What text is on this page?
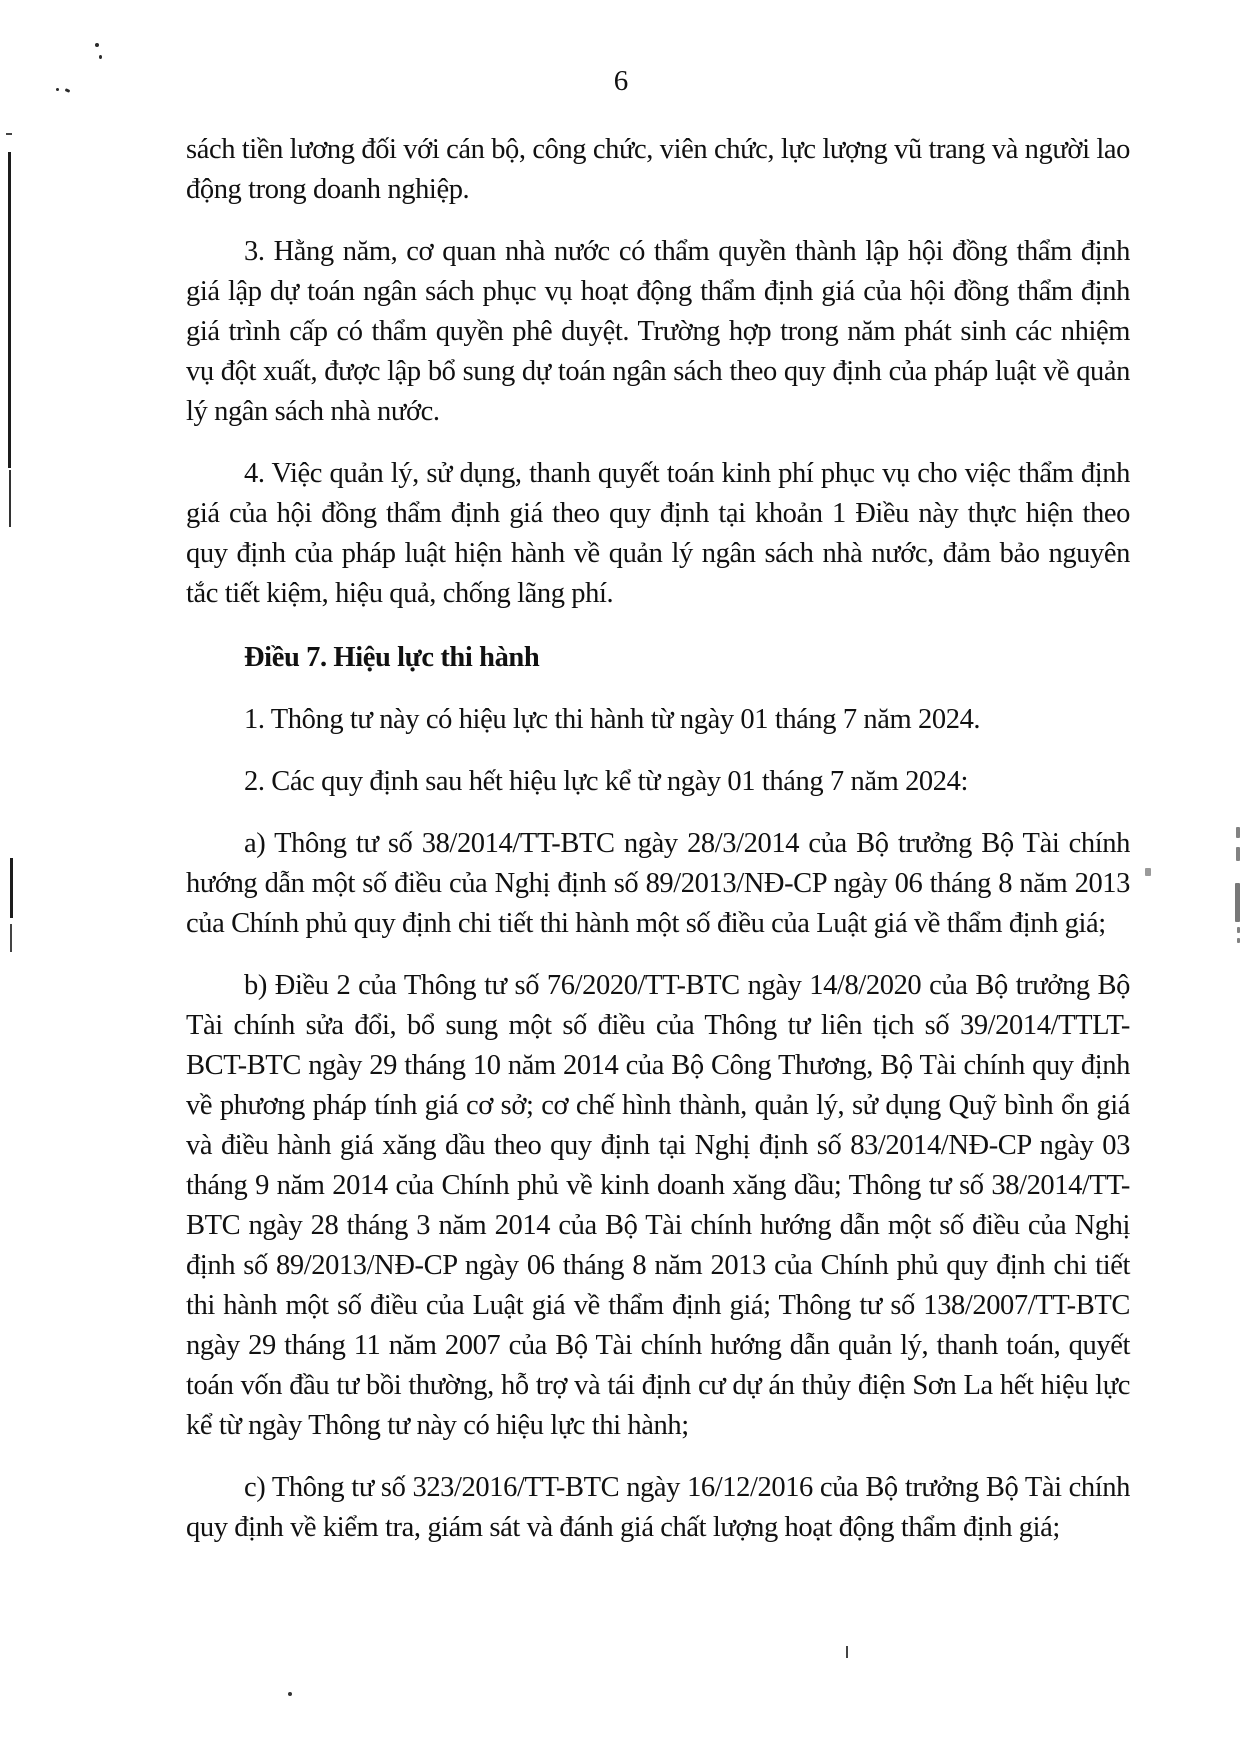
6

sách tiền lương đối với cán bộ, công chức, viên chức, lực lượng vũ trang và người lao động trong doanh nghiệp.

3. Hằng năm, cơ quan nhà nước có thẩm quyền thành lập hội đồng thẩm định giá lập dự toán ngân sách phục vụ hoạt động thẩm định giá của hội đồng thẩm định giá trình cấp có thẩm quyền phê duyệt. Trường hợp trong năm phát sinh các nhiệm vụ đột xuất, được lập bổ sung dự toán ngân sách theo quy định của pháp luật về quản lý ngân sách nhà nước.

4. Việc quản lý, sử dụng, thanh quyết toán kinh phí phục vụ cho việc thẩm định giá của hội đồng thẩm định giá theo quy định tại khoản 1 Điều này thực hiện theo quy định của pháp luật hiện hành về quản lý ngân sách nhà nước, đảm bảo nguyên tắc tiết kiệm, hiệu quả, chống lãng phí.

Điều 7. Hiệu lực thi hành

1. Thông tư này có hiệu lực thi hành từ ngày 01 tháng 7 năm 2024.

2. Các quy định sau hết hiệu lực kể từ ngày 01 tháng 7 năm 2024:

a) Thông tư số 38/2014/TT-BTC ngày 28/3/2014 của Bộ trưởng Bộ Tài chính hướng dẫn một số điều của Nghị định số 89/2013/NĐ-CP ngày 06 tháng 8 năm 2013 của Chính phủ quy định chi tiết thi hành một số điều của Luật giá về thẩm định giá;

b) Điều 2 của Thông tư số 76/2020/TT-BTC ngày 14/8/2020 của Bộ trưởng Bộ Tài chính sửa đổi, bổ sung một số điều của Thông tư liên tịch số 39/2014/TTLT-BCT-BTC ngày 29 tháng 10 năm 2014 của Bộ Công Thương, Bộ Tài chính quy định về phương pháp tính giá cơ sở; cơ chế hình thành, quản lý, sử dụng Quỹ bình ổn giá và điều hành giá xăng dầu theo quy định tại Nghị định số 83/2014/NĐ-CP ngày 03 tháng 9 năm 2014 của Chính phủ về kinh doanh xăng dầu; Thông tư số 38/2014/TT-BTC ngày 28 tháng 3 năm 2014 của Bộ Tài chính hướng dẫn một số điều của Nghị định số 89/2013/NĐ-CP ngày 06 tháng 8 năm 2013 của Chính phủ quy định chi tiết thi hành một số điều của Luật giá về thẩm định giá; Thông tư số 138/2007/TT-BTC ngày 29 tháng 11 năm 2007 của Bộ Tài chính hướng dẫn quản lý, thanh toán, quyết toán vốn đầu tư bồi thường, hỗ trợ và tái định cư dự án thủy điện Sơn La hết hiệu lực kể từ ngày Thông tư này có hiệu lực thi hành;

c) Thông tư số 323/2016/TT-BTC ngày 16/12/2016 của Bộ trưởng Bộ Tài chính quy định về kiểm tra, giám sát và đánh giá chất lượng hoạt động thẩm định giá;
